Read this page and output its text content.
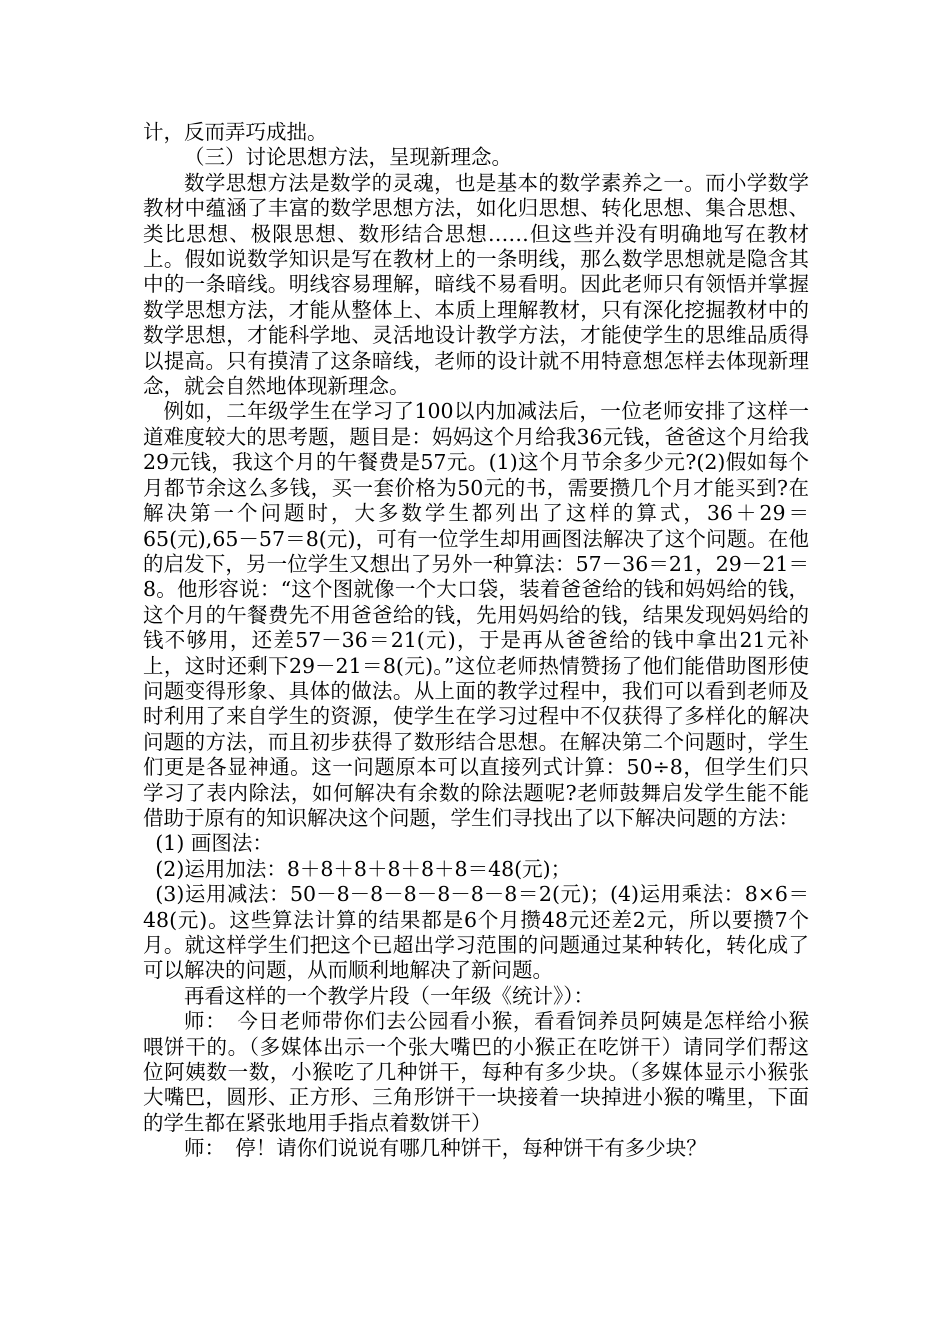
计，反而弄巧成拙。

（三）讨论思想方法，呈现新理念。

数学思想方法是数学的灵魂，也是基本的数学素养之一。而小学数学教材中蕴涵了丰富的数学思想方法，如化归思想、转化思想、集合思想、类比思想、极限思想、数形结合思想……但这些并没有明确地写在教材上。假如说数学知识是写在教材上的一条明线，那么数学思想就是隐含其中的一条暗线。明线容易理解，暗线不易看明。因此老师只有领悟并掌握数学思想方法，才能从整体上、本质上理解教材，只有深化挖掘教材中的数学思想，才能科学地、灵活地设计教学方法，才能使学生的思维品质得以提高。只有摸清了这条暗线，老师的设计就不用特意想怎样去体现新理念，就会自然地体现新理念。

例如，二年级学生在学习了100以内加减法后，一位老师安排了这样一道难度较大的思考题，题目是：妈妈这个月给我36元钱，爸爸这个月给我29元钱，我这个月的午餐费是57元。(1)这个月节余多少元?(2)假如每个月都节余这么多钱，买一套价格为50元的书，需要攒几个月才能买到?在解决第一个问题时，大多数学生都列出了这样的算式，36＋29＝65(元),65－57＝8(元)，可有一位学生却用画图法解决了这个问题。在他的启发下，另一位学生又想出了另外一种算法：57－36＝21，29－21＝8。他形容说：“这个图就像一个大口袋，装着爸爸给的钱和妈妈给的钱，这个月的午餐费先不用爸爸给的钱，先用妈妈给的钱，结果发现妈妈给的钱不够用，还差57－36＝21(元)，于是再从爸爸给的钱中拿出21元补上，这时还剩下29－21＝8(元)。”这位老师热情赞扬了他们能借助图形使问题变得形象、具体的做法。从上面的教学过程中，我们可以看到老师及时利用了来自学生的资源，使学生在学习过程中不仅获得了多样化的解决问题的方法，而且初步获得了数形结合思想。在解决第二个问题时，学生们更是各显神通。这一问题原本可以直接列式计算：50÷8，但学生们只学习了表内除法，如何解决有余数的除法题呢?老师鼓舞启发学生能不能借助于原有的知识解决这个问题，学生们寻找出了以下解决问题的方法：

(1) 画图法：

(2)运用加法：8＋8＋8＋8＋8＋8＝48(元)；

(3)运用减法：50－8－8－8－8－8－8＝2(元)；(4)运用乘法：8×6＝48(元)。这些算法计算的结果都是6个月攒48元还差2元，所以要攒7个月。就这样学生们把这个已超出学习范围的问题通过某种转化，转化成了可以解决的问题，从而顺利地解决了新问题。

再看这样的一个教学片段（一年级《统计》）：

师：　今日老师带你们去公园看小猴，看看饲养员阿姨是怎样给小猴喂饼干的。（多媒体出示一个张大嘴巴的小猴正在吃饼干）请同学们帮这位阿姨数一数，小猴吃了几种饼干，每种有多少块。（多媒体显示小猴张大嘴巴，圆形、正方形、三角形饼干一块接着一块掉进小猴的嘴里，下面的学生都在紧张地用手指点着数饼干）

师：　停！请你们说说有哪几种饼干，每种饼干有多少块？
